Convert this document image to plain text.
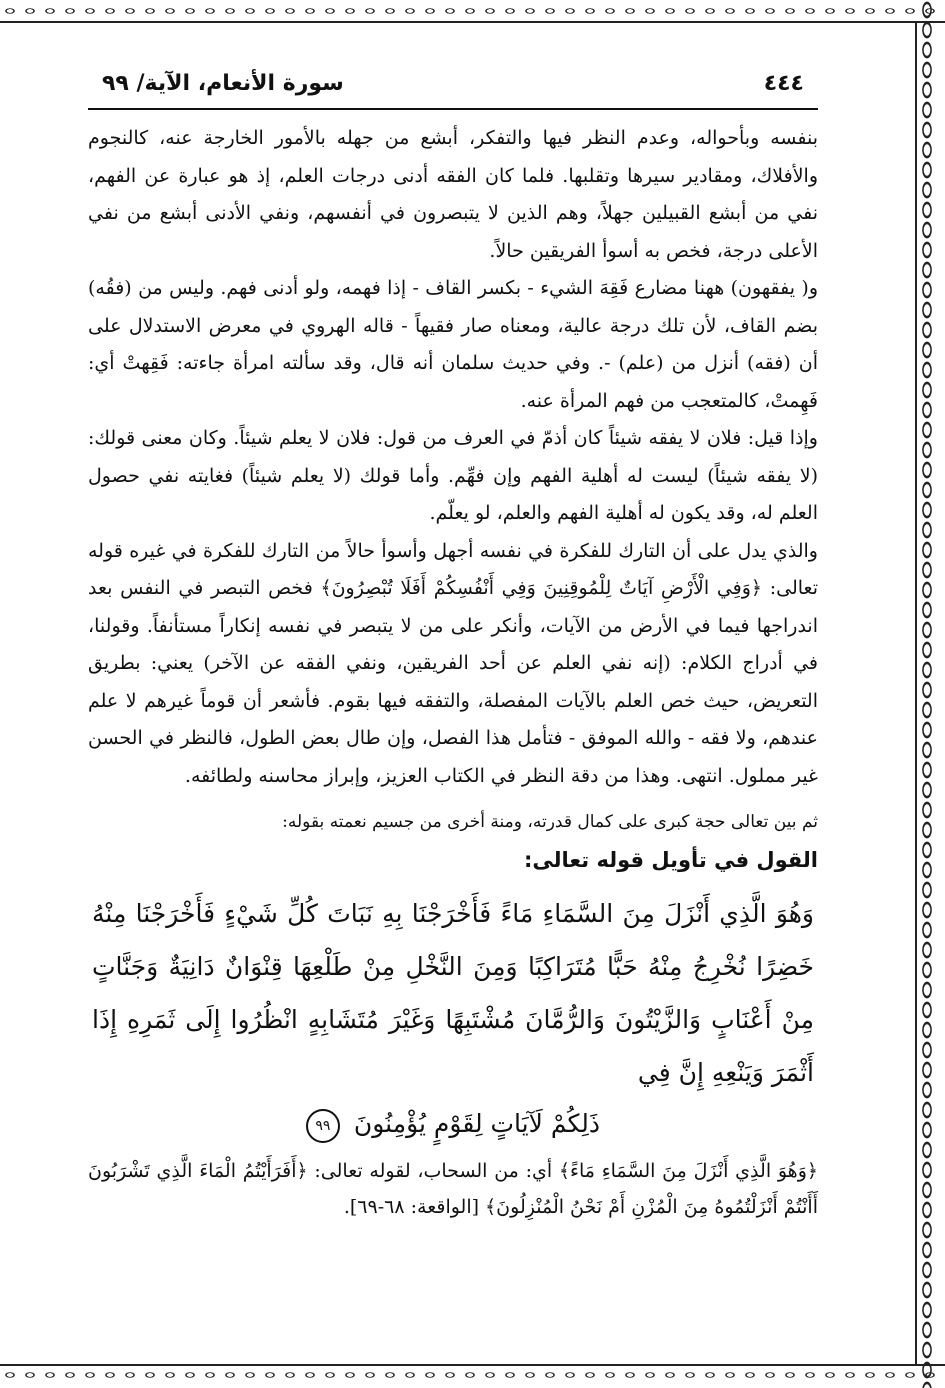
٤٤٤
سورة الأنعام، الآية/ ٩٩

بنفسه وبأحواله، وعدم النظر فيها والتفكر، أبشع من جهله بالأمور الخارجة عنه، كالنجوم والأفلاك، ومقادير سيرها وتقلبها. فلما كان الفقه أدنى درجات العلم، إذ هو عبارة عن الفهم، نفي من أبشع القبيلين جهلاً، وهم الذين لا يتبصرون في أنفسهم، ونفي الأدنى أبشع من نفي الأعلى درجة، فخص به أسوأ الفريقين حالاً.

و( يفقهون) ههنا مضارع فَقِهَ الشيء - بكسر القاف - إذا فهمه، ولو أدنى فهم. وليس من (فقُه) بضم القاف، لأن تلك درجة عالية، ومعناه صار فقيهاً - قاله الهروي في معرض الاستدلال على أن (فقه) أنزل من (علم) -. وفي حديث سلمان أنه قال، وقد سألته امرأة جاءته: فَقِهتْ أي: فَهِمتْ، كالمتعجب من فهم المرأة عنه.

وإذا قيل: فلان لا يفقه شيئاً كان أذمّ في العرف من قول: فلان لا يعلم شيئاً. وكان معنى قولك: (لا يفقه شيئاً) ليست له أهلية الفهم وإن فهِّم. وأما قولك (لا يعلم شيئاً) فغايته نفي حصول العلم له، وقد يكون له أهلية الفهم والعلم، لو يعلّم.

والذي يدل على أن التارك للفكرة في نفسه أجهل وأسوأ حالاً من التارك للفكرة في غيره قوله تعالى: ﴿وَفِي الْأَرْضِ آيَاتٌ لِلْمُوقِنِينَ وَفِي أَنْفُسِكُمْ أَفَلَا تُبْصِرُونَ﴾ فخص التبصر في النفس بعد اندراجها فيما في الأرض من الآيات، وأنكر على من لا يتبصر في نفسه إنكاراً مستأنفاً. وقولنا، في أدراج الكلام: (إنه نفي العلم عن أحد الفريقين، ونفي الفقه عن الآخر) يعني: بطريق التعريض، حيث خص العلم بالآيات المفصلة، والتفقه فيها بقوم. فأشعر أن قوماً غيرهم لا علم عندهم، ولا فقه - والله الموفق - فتأمل هذا الفصل، وإن طال بعض الطول، فالنظر في الحسن غير مملول. انتهى. وهذا من دقة النظر في الكتاب العزيز، وإبراز محاسنه ولطائفه.

ثم بين تعالى حجة كبرى على كمال قدرته، ومنة أخرى من جسيم نعمته بقوله:
القول في تأويل قوله تعالى:
وَهُوَ الَّذِي أَنْزَلَ مِنَ السَّمَاءِ مَاءً فَأَخْرَجْنَا بِهِ نَبَاتَ كُلِّ شَيْءٍ فَأَخْرَجْنَا مِنْهُ خَضِرًا نُخْرِجُ مِنْهُ حَبًّا مُتَرَاكِبًا وَمِنَ النَّخْلِ مِنْ طَلْعِهَا قِنْوَانٌ دَانِيَةٌ وَجَنَّاتٍ مِنْ أَعْنَابٍ وَالزَّيْتُونَ وَالرُّمَّانَ مُشْتَبِهًا وَغَيْرَ مُتَشَابِهٍ انْظُرُوا إِلَى ثَمَرِهِ إِذَا أَثْمَرَ وَيَنْعِهِ إِنَّ فِي
ذَلِكُمْ لَآيَاتٍ لِقَوْمٍ يُؤْمِنُونَ ٩٩
﴿وَهُوَ الَّذِي أَنْزَلَ مِنَ السَّمَاءِ مَاءً﴾ أي: من السحاب، لقوله تعالى: ﴿أَفَرَأَيْتُمُ الْمَاءَ الَّذِي تَشْرَبُونَ أَأَنْتُمْ أَنْزَلْتُمُوهُ مِنَ الْمُزْنِ أَمْ نَحْنُ الْمُنْزِلُونَ﴾ [الواقعة: ٦٨-٦٩].
